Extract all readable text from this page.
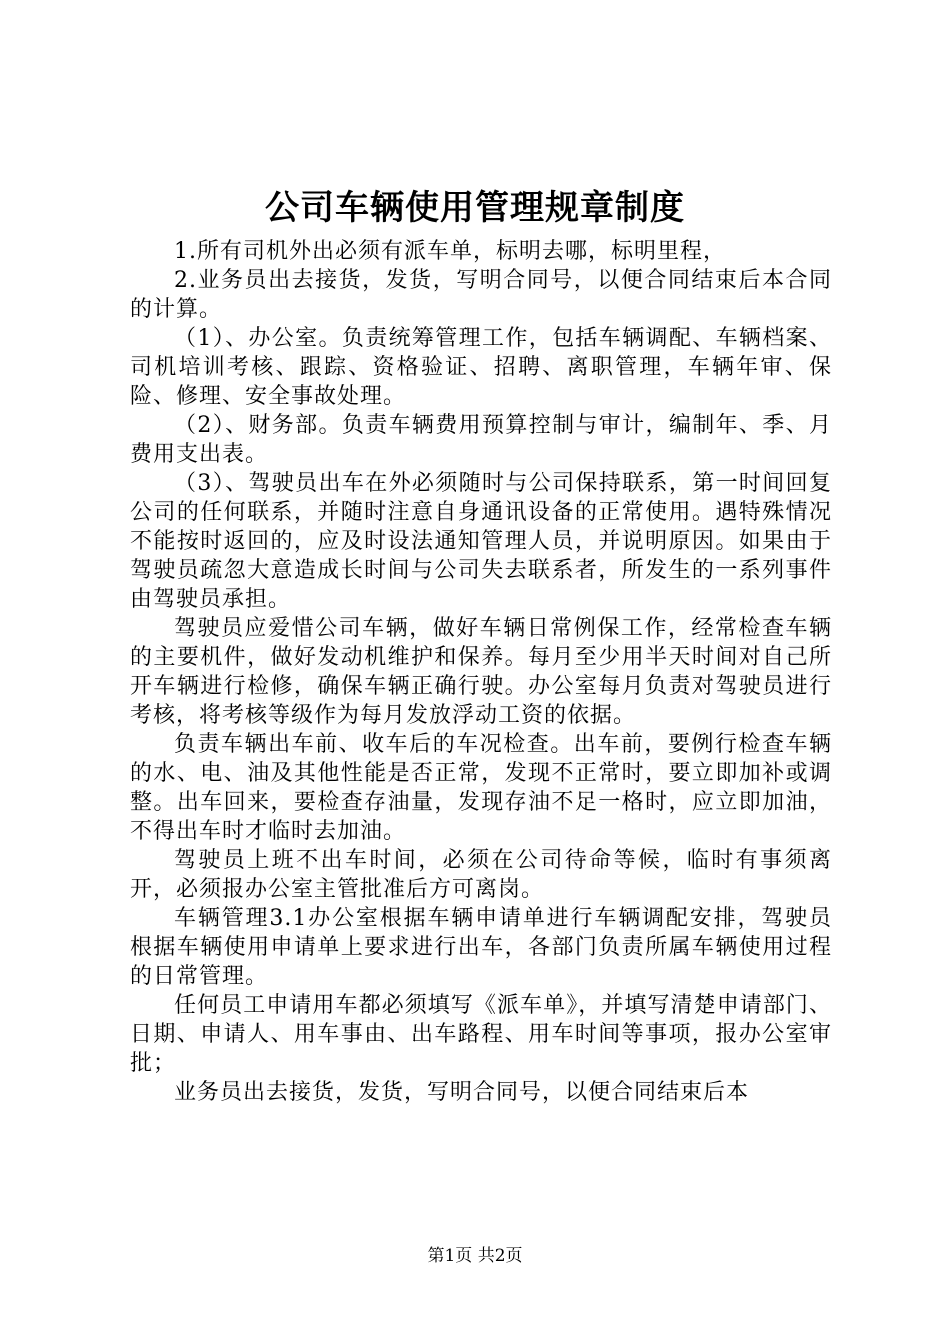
公司车辆使用管理规章制度

1.所有司机外出必须有派车单，标明去哪，标明里程，

2.业务员出去接货，发货，写明合同号，以便合同结束后本合同的计算。

（1）、办公室。负责统筹管理工作，包括车辆调配、车辆档案、司机培训考核、跟踪、资格验证、招聘、离职管理，车辆年审、保险、修理、安全事故处理。

（2）、财务部。负责车辆费用预算控制与审计，编制年、季、月费用支出表。

（3）、驾驶员出车在外必须随时与公司保持联系，第一时间回复公司的任何联系，并随时注意自身通讯设备的正常使用。遇特殊情况不能按时返回的，应及时设法通知管理人员，并说明原因。如果由于驾驶员疏忽大意造成长时间与公司失去联系者，所发生的一系列事件由驾驶员承担。

驾驶员应爱惜公司车辆，做好车辆日常例保工作，经常检查车辆的主要机件，做好发动机维护和保养。每月至少用半天时间对自己所开车辆进行检修，确保车辆正确行驶。办公室每月负责对驾驶员进行考核，将考核等级作为每月发放浮动工资的依据。

负责车辆出车前、收车后的车况检查。出车前，要例行检查车辆的水、电、油及其他性能是否正常，发现不正常时，要立即加补或调整。出车回来，要检查存油量，发现存油不足一格时，应立即加油，不得出车时才临时去加油。

驾驶员上班不出车时间，必须在公司待命等候，临时有事须离开，必须报办公室主管批准后方可离岗。

车辆管理3.1办公室根据车辆申请单进行车辆调配安排，驾驶员根据车辆使用申请单上要求进行出车，各部门负责所属车辆使用过程的日常管理。

任何员工申请用车都必须填写《派车单》，并填写清楚申请部门、日期、申请人、用车事由、出车路程、用车时间等事项，报办公室审批；

业务员出去接货，发货，写明合同号，以便合同结束后本

第1页 共2页
